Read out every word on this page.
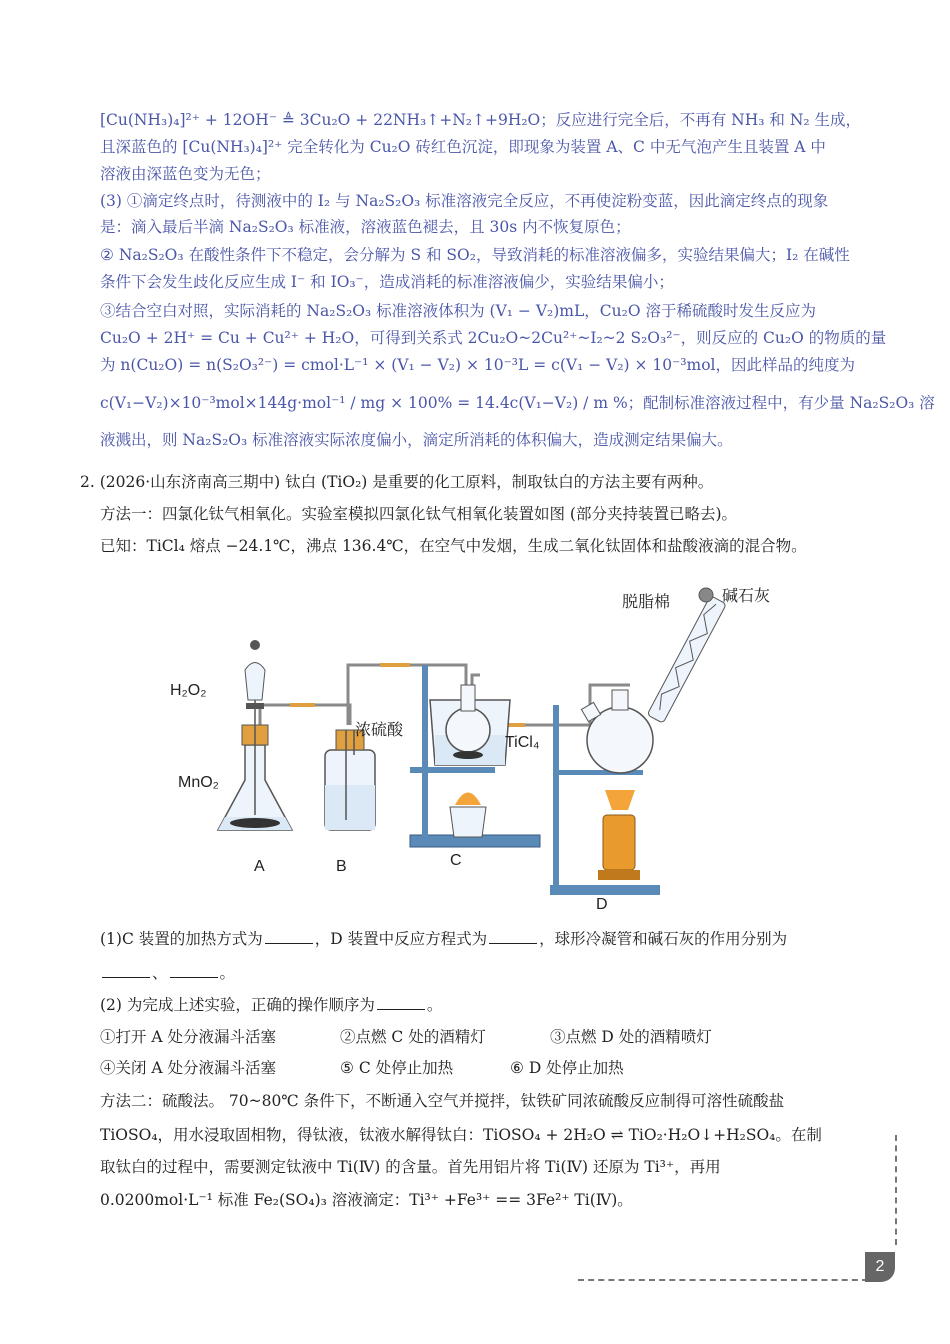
[Cu(NH₃)₄]²⁺ + 12OH⁻ ≜ 3Cu₂O + 22NH₃↑+N₂↑+9H₂O；反应进行完全后，不再有 NH₃ 和 N₂ 生成，
且深蓝色的 [Cu(NH₃)₄]²⁺ 完全转化为 Cu₂O 砖红色沉淀，即现象为装置 A、C 中无气泡产生且装置 A 中
溶液由深蓝色变为无色；
(3) ①滴定终点时，待测液中的 I₂ 与 Na₂S₂O₃ 标准溶液完全反应，不再使淀粉变蓝，因此滴定终点的现象
是：滴入最后半滴 Na₂S₂O₃ 标准液，溶液蓝色褪去，且 30s 内不恢复原色；
② Na₂S₂O₃ 在酸性条件下不稳定，会分解为 S 和 SO₂，导致消耗的标准溶液偏多，实验结果偏大；I₂ 在碱性
条件下会发生歧化反应生成 I⁻ 和 IO₃⁻，造成消耗的标准溶液偏少，实验结果偏小；
③结合空白对照，实际消耗的 Na₂S₂O₃ 标准溶液体积为 (V₁ − V₂)mL，Cu₂O 溶于稀硫酸时发生反应为
Cu₂O + 2H⁺ = Cu + Cu²⁺ + H₂O，可得到关系式 2Cu₂O~2Cu²⁺~I₂~2 S₂O₃²⁻，则反应的 Cu₂O 的物质的量
为 n(Cu₂O) = n(S₂O₃²⁻) = cmol·L⁻¹ × (V₁ − V₂) × 10⁻³L = c(V₁ − V₂) × 10⁻³mol，因此样品的纯度为
c(V₁−V₂)×10⁻³mol×144g·mol⁻¹ / mg × 100% = 14.4c(V₁−V₂) / m %；配制标准溶液过程中，有少量 Na₂S₂O₃ 溶
液溅出，则 Na₂S₂O₃ 标准溶液实际浓度偏小，滴定所消耗的体积偏大，造成测定结果偏大。
2. (2026·山东济南高三期中) 钛白 (TiO₂) 是重要的化工原料，制取钛白的方法主要有两种。
方法一：四氯化钛气相氧化。实验室模拟四氯化钛气相氧化装置如图 (部分夹持装置已略去)。
已知：TiCl₄ 熔点 −24.1℃，沸点 136.4℃，在空气中发烟，生成二氧化钛固体和盐酸液滴的混合物。
H₂O₂
MnO₂
浓硫酸
TiCl₄
脱脂棉	碱石灰
A	B	C
D
(1)C 装置的加热方式为	，D 装置中反应方程式为	，球形冷凝管和碱石灰的作用分别为
、	。
(2) 为完成上述实验，正确的操作顺序为	。
①打开 A 处分液漏斗活塞	②点燃 C 处的酒精灯	③点燃 D 处的酒精喷灯
④关闭 A 处分液漏斗活塞	⑤ C 处停止加热	⑥ D 处停止加热
方法二：硫酸法。 70~80℃ 条件下，不断通入空气并搅拌，钛铁矿同浓硫酸反应制得可溶性硫酸盐
TiOSO₄，用水浸取固相物，得钛液，钛液水解得钛白：TiOSO₄ + 2H₂O ⇌ TiO₂·H₂O↓+H₂SO₄。在制
取钛白的过程中，需要测定钛液中 Ti(Ⅳ) 的含量。首先用铝片将 Ti(Ⅳ) 还原为 Ti³⁺，再用
0.0200mol·L⁻¹ 标准 Fe₂(SO₄)₃ 溶液滴定：Ti³⁺ +Fe³⁺ == 3Fe²⁺ Ti(Ⅳ)。
2
